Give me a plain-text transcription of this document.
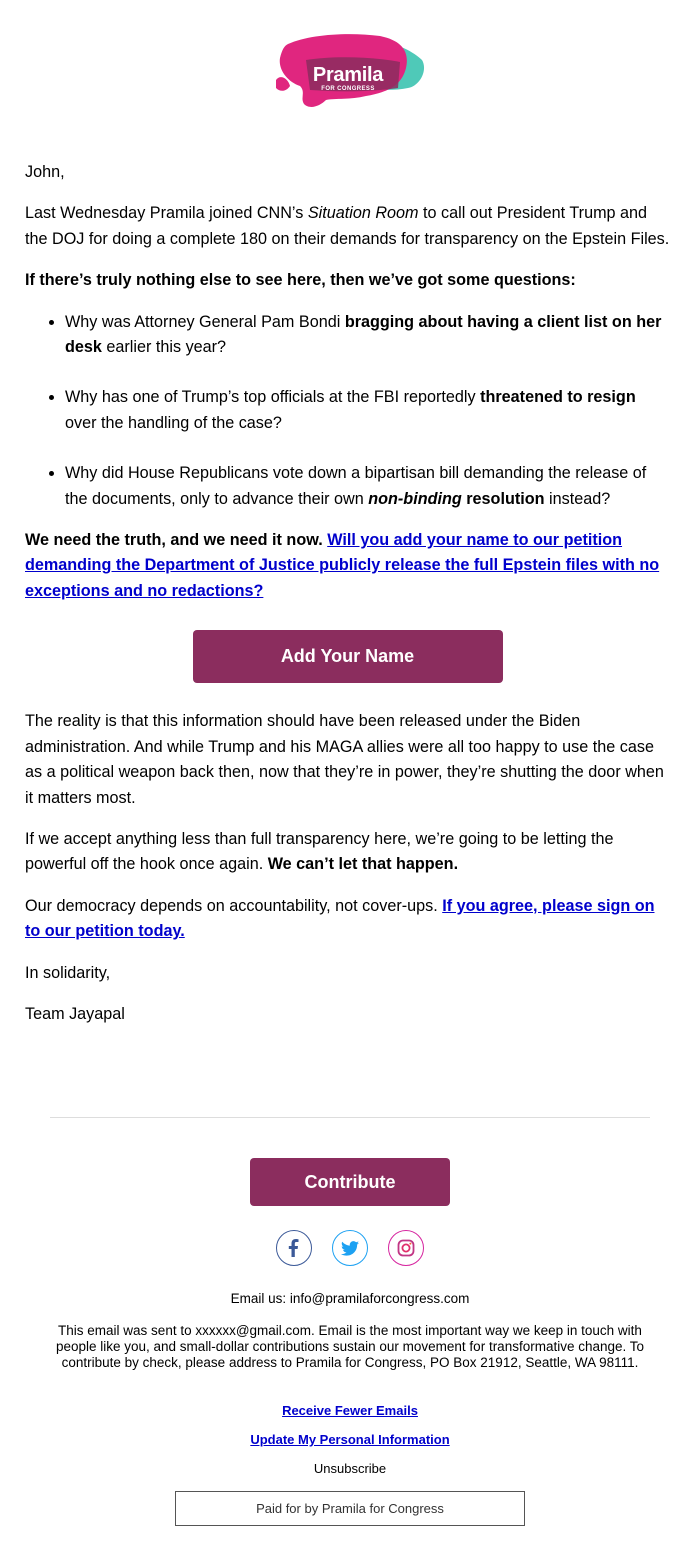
Pramila
FOR CONGRESS

John,

Last Wednesday Pramila joined CNN’s Situation Room to call out President Trump and the DOJ for doing a complete 180 on their demands for transparency on the Epstein Files.

If there’s truly nothing else to see here, then we’ve got some questions:

• Why was Attorney General Pam Bondi bragging about having a client list on her desk earlier this year?
• Why has one of Trump’s top officials at the FBI reportedly threatened to resign over the handling of the case?
• Why did House Republicans vote down a bipartisan bill demanding the release of the documents, only to advance their own non-binding resolution instead?

We need the truth, and we need it now. Will you add your name to our petition demanding the Department of Justice publicly release the full Epstein files with no exceptions and no redactions?

Add Your Name

The reality is that this information should have been released under the Biden administration. And while Trump and his MAGA allies were all too happy to use the case as a political weapon back then, now that they’re in power, they’re shutting the door when it matters most.

If we accept anything less than full transparency here, we’re going to be letting the powerful off the hook once again. We can’t let that happen.

Our democracy depends on accountability, not cover-ups. If you agree, please sign on to our petition today.

In solidarity,

Team Jayapal

Contribute
Email us: info@pramilaforcongress.com
This email was sent to xxxxxx@gmail.com. Email is the most important way we keep in touch with people like you, and small-dollar contributions sustain our movement for transformative change. To contribute by check, please address to Pramila for Congress, PO Box 21912, Seattle, WA 98111.
Receive Fewer Emails
Update My Personal Information
Unsubscribe
Paid for by Pramila for Congress
